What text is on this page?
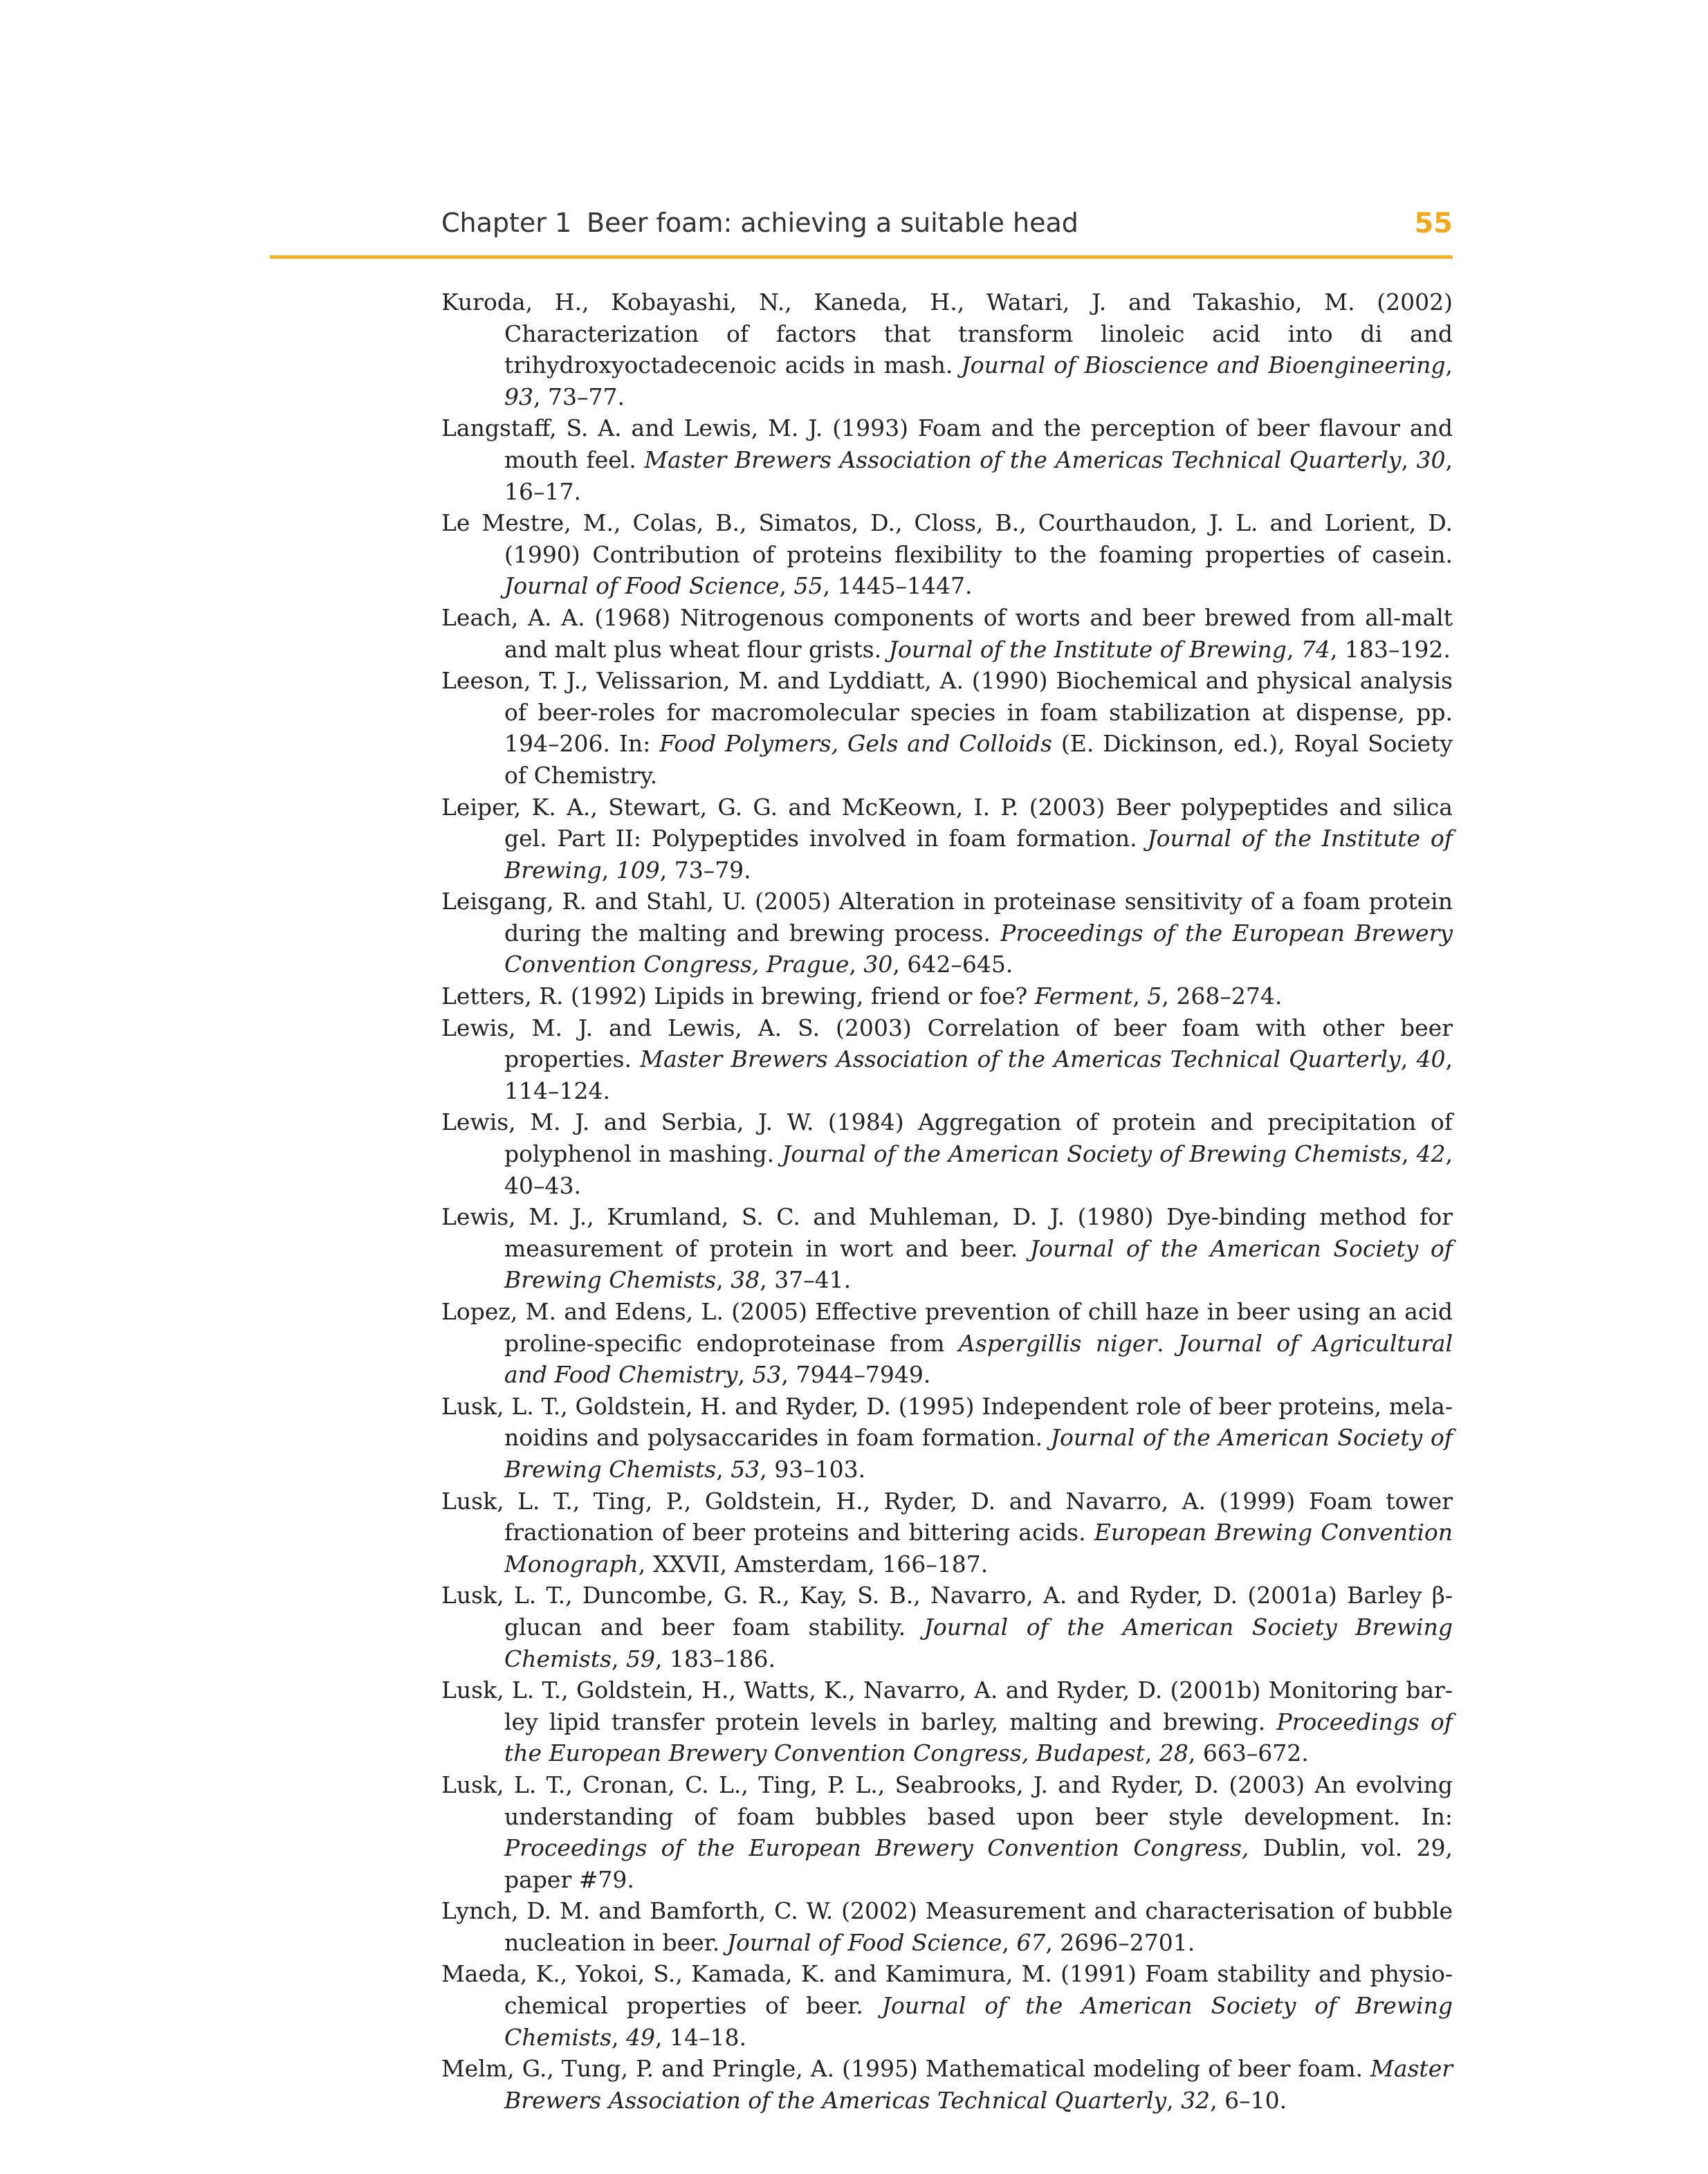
Chapter 1 Beer foam: achieving a suitable head	55
Kuroda, H., Kobayashi, N., Kaneda, H., Watari, J. and Takashio, M. (2002) Characterization of factors that transform linoleic acid into di and trihydroxyoctadecenoic acids in mash. Journal of Bioscience and Bioengineering, 93, 73–77.
Langstaff, S. A. and Lewis, M. J. (1993) Foam and the perception of beer flavour and mouth feel. Master Brewers Association of the Americas Technical Quarterly, 30, 16–17.
Le Mestre, M., Colas, B., Simatos, D., Closs, B., Courthaudon, J. L. and Lorient, D. (1990) Contribution of proteins flexibility to the foaming properties of casein. Journal of Food Science, 55, 1445–1447.
Leach, A. A. (1968) Nitrogenous components of worts and beer brewed from all-malt and malt plus wheat flour grists. Journal of the Institute of Brewing, 74, 183–192.
Leeson, T. J., Velissarion, M. and Lyddiatt, A. (1990) Biochemical and physical analysis of beer-roles for macromolecular species in foam stabilization at dispense, pp. 194–206. In: Food Polymers, Gels and Colloids (E. Dickinson, ed.), Royal Society of Chemistry.
Leiper, K. A., Stewart, G. G. and McKeown, I. P. (2003) Beer polypeptides and silica gel. Part II: Polypeptides involved in foam formation. Journal of the Institute of Brewing, 109, 73–79.
Leisgang, R. and Stahl, U. (2005) Alteration in proteinase sensitivity of a foam protein during the malting and brewing process. Proceedings of the European Brewery Convention Congress, Prague, 30, 642–645.
Letters, R. (1992) Lipids in brewing, friend or foe? Ferment, 5, 268–274.
Lewis, M. J. and Lewis, A. S. (2003) Correlation of beer foam with other beer properties. Master Brewers Association of the Americas Technical Quarterly, 40, 114–124.
Lewis, M. J. and Serbia, J. W. (1984) Aggregation of protein and precipitation of polyphenol in mashing. Journal of the American Society of Brewing Chemists, 42, 40–43.
Lewis, M. J., Krumland, S. C. and Muhleman, D. J. (1980) Dye-binding method for measurement of protein in wort and beer. Journal of the American Society of Brewing Chemists, 38, 37–41.
Lopez, M. and Edens, L. (2005) Effective prevention of chill haze in beer using an acid proline-specific endoproteinase from Aspergillis niger. Journal of Agricultural and Food Chemistry, 53, 7944–7949.
Lusk, L. T., Goldstein, H. and Ryder, D. (1995) Independent role of beer proteins, melanoidins and polysaccarides in foam formation. Journal of the American Society of Brewing Chemists, 53, 93–103.
Lusk, L. T., Ting, P., Goldstein, H., Ryder, D. and Navarro, A. (1999) Foam tower fractionation of beer proteins and bittering acids. European Brewing Convention Monograph, XXVII, Amsterdam, 166–187.
Lusk, L. T., Duncombe, G. R., Kay, S. B., Navarro, A. and Ryder, D. (2001a) Barley β-glucan and beer foam stability. Journal of the American Society Brewing Chemists, 59, 183–186.
Lusk, L. T., Goldstein, H., Watts, K., Navarro, A. and Ryder, D. (2001b) Monitoring barley lipid transfer protein levels in barley, malting and brewing. Proceedings of the European Brewery Convention Congress, Budapest, 28, 663–672.
Lusk, L. T., Cronan, C. L., Ting, P. L., Seabrooks, J. and Ryder, D. (2003) An evolving understanding of foam bubbles based upon beer style development. In: Proceedings of the European Brewery Convention Congress, Dublin, vol. 29, paper #79.
Lynch, D. M. and Bamforth, C. W. (2002) Measurement and characterisation of bubble nucleation in beer. Journal of Food Science, 67, 2696–2701.
Maeda, K., Yokoi, S., Kamada, K. and Kamimura, M. (1991) Foam stability and physiochemical properties of beer. Journal of the American Society of Brewing Chemists, 49, 14–18.
Melm, G., Tung, P. and Pringle, A. (1995) Mathematical modeling of beer foam. Master Brewers Association of the Americas Technical Quarterly, 32, 6–10.
